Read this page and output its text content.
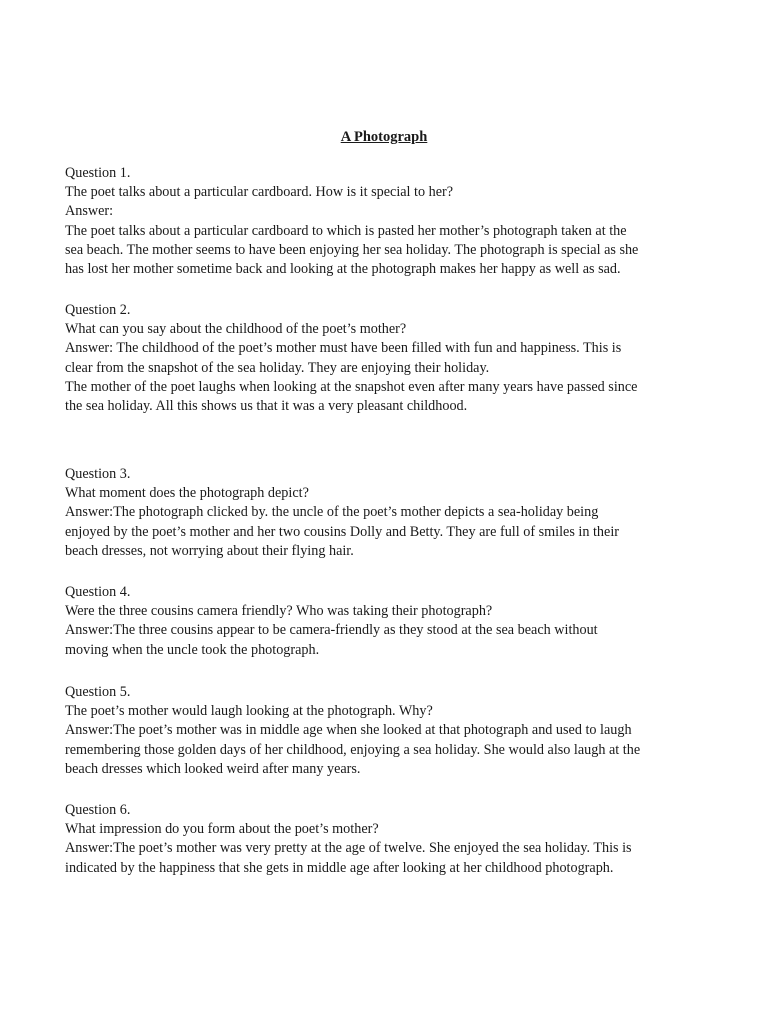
A Photograph
Question 1.
The poet talks about a particular cardboard. How is it special to her?
Answer:
The poet talks about a particular cardboard to which is pasted her mother’s photograph taken at the
sea beach. The mother seems to have been enjoying her sea holiday. The photograph is special as she
has lost her mother sometime back and looking at the photograph makes her happy as well as sad.
Question 2.
What can you say about the childhood of the poet’s mother?
Answer: The childhood of the poet’s mother must have been filled with fun and happiness. This is
clear from the snapshot of the sea holiday. They are enjoying their holiday.
The mother of the poet laughs when looking at the snapshot even after many years have passed since
the sea holiday. All this shows us that it was a very pleasant childhood.
Question 3.
What moment does the photograph depict?
Answer:The photograph clicked by. the uncle of the poet’s mother depicts a sea-holiday being
enjoyed by the poet’s mother and her two cousins Dolly and Betty. They are full of smiles in their
beach dresses, not worrying about their flying hair.
Question 4.
Were the three cousins camera friendly? Who was taking their photograph?
Answer:The three cousins appear to be camera-friendly as they stood at the sea beach without
moving when the uncle took the photograph.
Question 5.
The poet’s mother would laugh looking at the photograph. Why?
Answer:The poet’s mother was in middle age when she looked at that photograph and used to laugh
remembering those golden days of her childhood, enjoying a sea holiday. She would also laugh at the
beach dresses which looked weird after many years.
Question 6.
What impression do you form about the poet’s mother?
Answer:The poet’s mother was very pretty at the age of twelve. She enjoyed the sea holiday. This is
indicated by the happiness that she gets in middle age after looking at her childhood photograph.
